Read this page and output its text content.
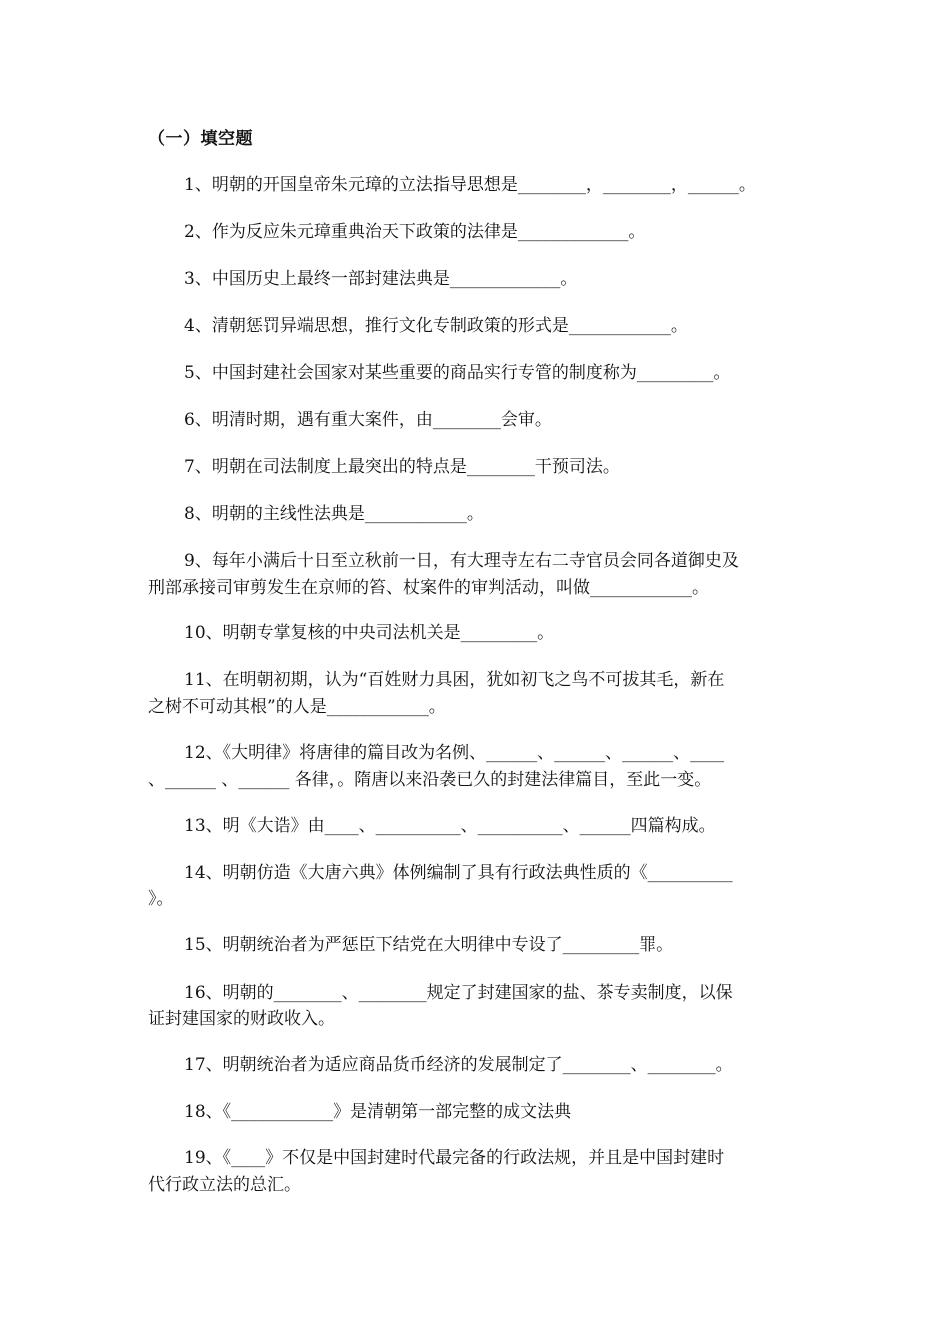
（一）填空题
1、明朝的开国皇帝朱元璋的立法指导思想是________，________，______。
2、作为反应朱元璋重典治天下政策的法律是_____________。
3、中国历史上最终一部封建法典是_____________。
4、清朝惩罚异端思想，推行文化专制政策的形式是____________。
5、中国封建社会国家对某些重要的商品实行专管的制度称为_________。
6、明清时期，遇有重大案件，由________会审。
7、明朝在司法制度上最突出的特点是________干预司法。
8、明朝的主线性法典是____________。
9、每年小满后十日至立秋前一日，有大理寺左右二寺官员会同各道御史及
刑部承接司审剪发生在京师的笞、杖案件的审判活动，叫做____________。
10、明朝专掌复核的中央司法机关是_________。
11、在明朝初期，认为“百姓财力具困，犹如初飞之鸟不可拔其毛，新在
之树不可动其根”的人是____________。
12、《大明律》将唐律的篇目改为名例、______、______、______、____
、______ 、______ 各律，。隋唐以来沿袭已久的封建法律篇目，至此一变。
13、明《大诰》由____、__________、__________、______四篇构成。
14、明朝仿造《大唐六典》体例编制了具有行政法典性质的《__________
》。
15、明朝统治者为严惩臣下结党在大明律中专设了_________罪。
16、明朝的________、________规定了封建国家的盐、茶专卖制度，以保
证封建国家的财政收入。
17、明朝统治者为适应商品货币经济的发展制定了________、________。
18、《____________》是清朝第一部完整的成文法典
19、《____》不仅是中国封建时代最完备的行政法规，并且是中国封建时
代行政立法的总汇。
